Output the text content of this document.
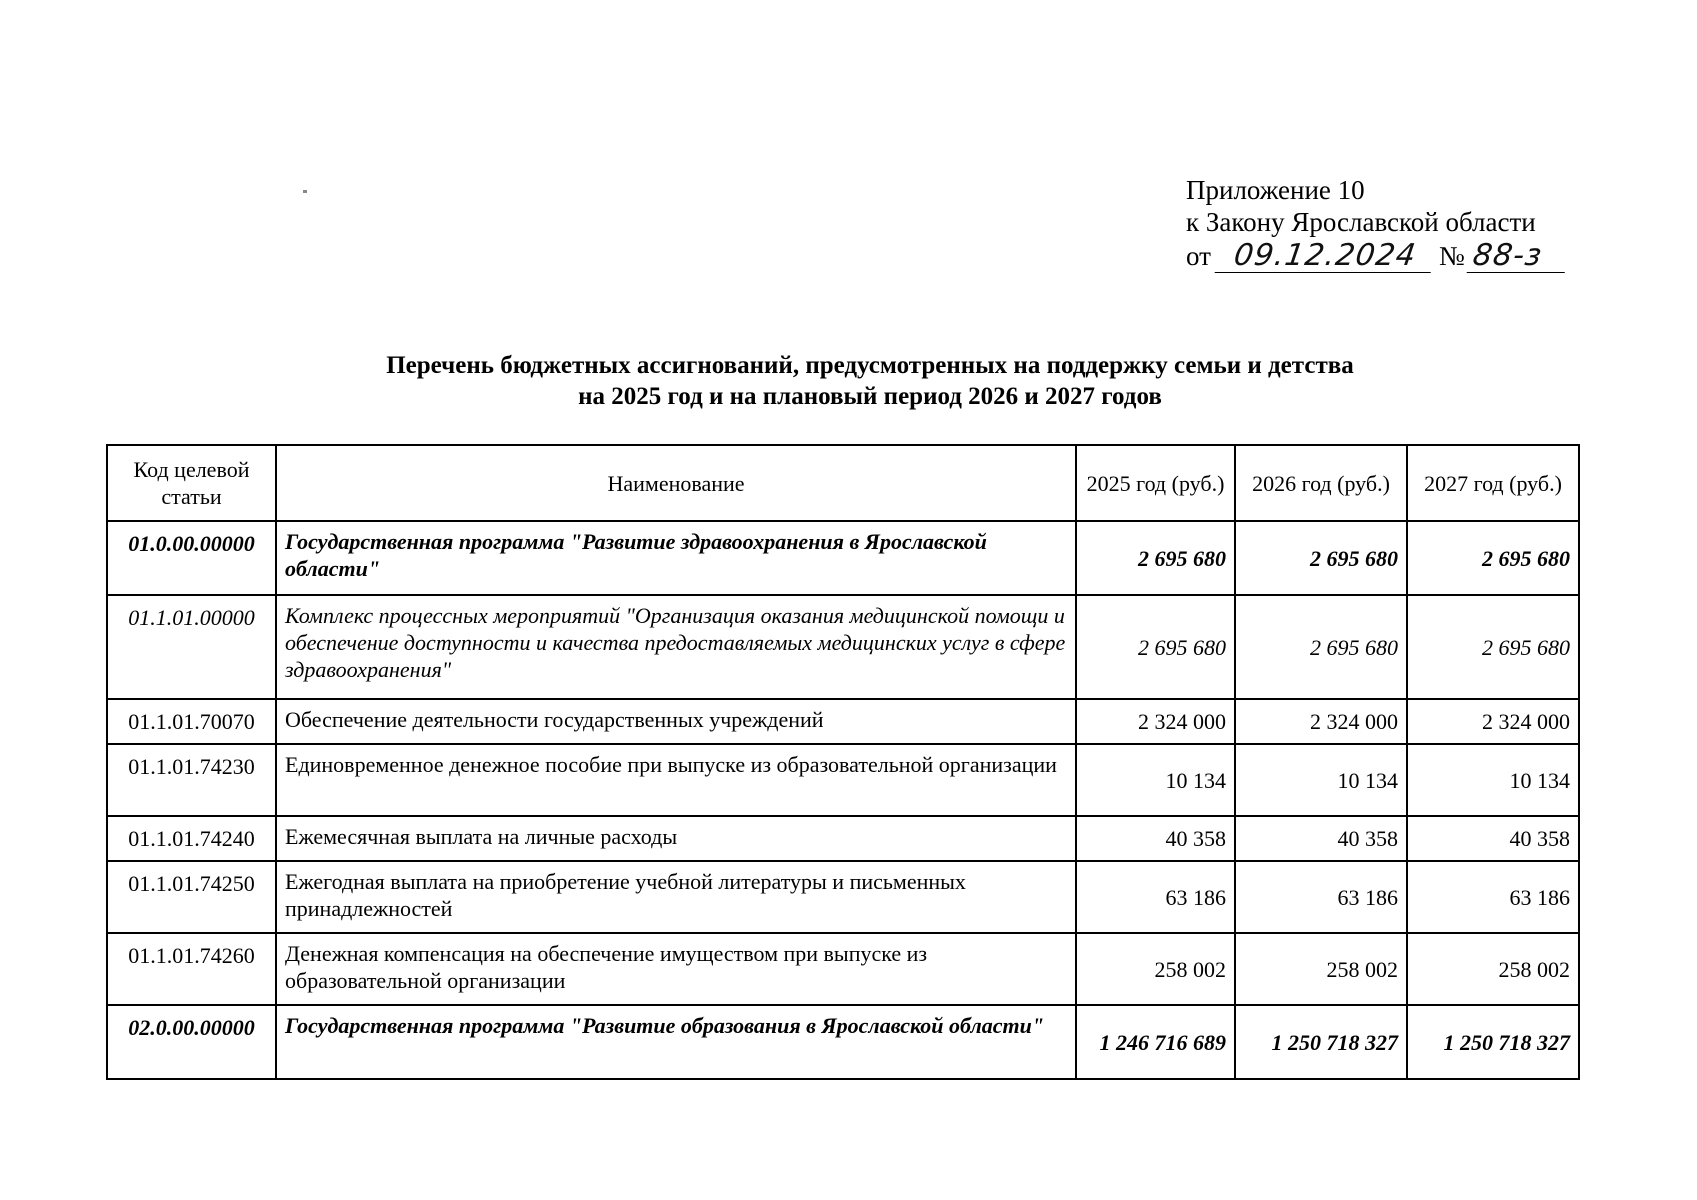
Приложение 10
к Закону Ярославской области
от 09.12.2024 № 88-з
Перечень бюджетных ассигнований, предусмотренных на поддержку семьи и детства
на 2025 год и на плановый период 2026 и 2027 годов
Код целевой статьи	Наименование	2025 год (руб.)	2026 год (руб.)	2027 год (руб.)
01.0.00.00000	Государственная программа "Развитие здравоохранения в Ярославской области"	2 695 680	2 695 680	2 695 680
01.1.01.00000	Комплекс процессных мероприятий "Организация оказания медицинской помощи и обеспечение доступности и качества предоставляемых медицинских услуг в сфере здравоохранения"	2 695 680	2 695 680	2 695 680
01.1.01.70070	Обеспечение деятельности государственных учреждений	2 324 000	2 324 000	2 324 000
01.1.01.74230	Единовременное денежное пособие при выпуске из образовательной организации	10 134	10 134	10 134
01.1.01.74240	Ежемесячная выплата на личные расходы	40 358	40 358	40 358
01.1.01.74250	Ежегодная выплата на приобретение учебной литературы и письменных принадлежностей	63 186	63 186	63 186
01.1.01.74260	Денежная компенсация на обеспечение имуществом при выпуске из образовательной организации	258 002	258 002	258 002
02.0.00.00000	Государственная программа "Развитие образования в Ярославской области"	1 246 716 689	1 250 718 327	1 250 718 327
